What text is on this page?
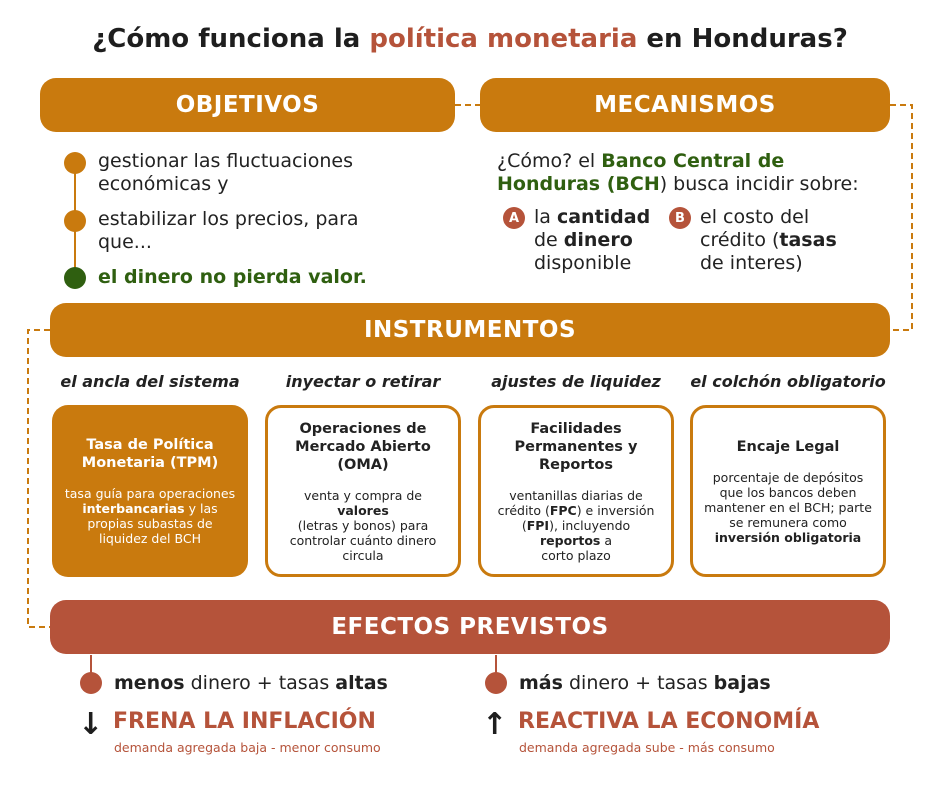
¿Cómo funciona la política monetaria en Honduras?
OBJETIVOS
gestionar las fluctuaciones
económicas y
estabilizar los precios, para
que...
el dinero no pierda valor.
MECANISMOS
¿Cómo? el Banco Central de
Honduras (BCH) busca incidir sobre:
A la cantidad
de dinero
disponible
B el costo del
crédito (tasas
de interes)
INSTRUMENTOS
el ancla del sistema	inyectar o retirar	ajustes de liquidez	el colchón obligatorio
Tasa de Política
Monetaria (TPM)
tasa guía para operaciones
interbancarias y las
propias subastas de
liquidez del BCH
Operaciones de
Mercado Abierto
(OMA)
venta y compra de valores
(letras y bonos) para
controlar cuánto dinero
circula
Facilidades
Permanentes y
Reportos
ventanillas diarias de
crédito (FPC) e inversión
(FPI), incluyendo reportos a
corto plazo
Encaje Legal
porcentaje de depósitos
que los bancos deben
mantener en el BCH; parte
se remunera como
inversión obligatoria
EFECTOS PREVISTOS
menos dinero + tasas altas
↓ FRENA LA INFLACIÓN
demanda agregada baja - menor consumo
más dinero + tasas bajas
↑ REACTIVA LA ECONOMÍA
demanda agregada sube - más consumo
